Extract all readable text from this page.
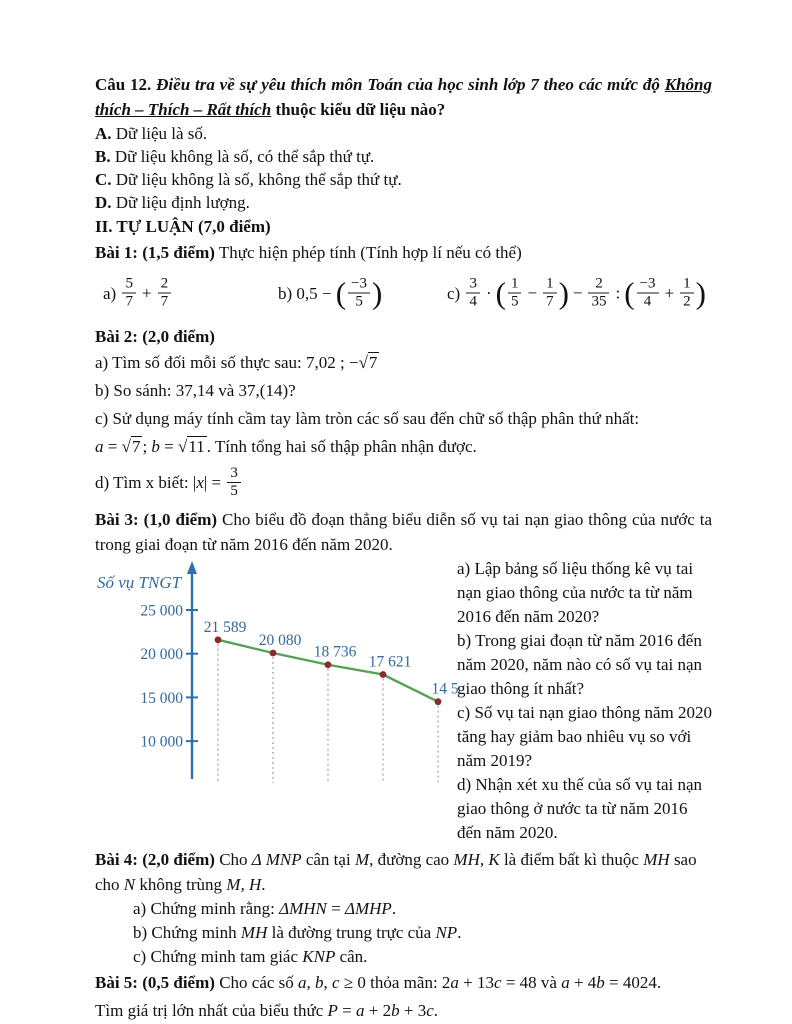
Câu 12. Điều tra về sự yêu thích môn Toán của học sinh lớp 7 theo các mức độ Không thích – Thích – Rất thích thuộc kiểu dữ liệu nào?

A. Dữ liệu là số.

B. Dữ liệu không là số, có thể sắp thứ tự.

C. Dữ liệu không là số, không thể sắp thứ tự.

D. Dữ liệu định lượng.

II. TỰ LUẬN (7,0 điểm)

Bài 1: (1,5 điểm) Thực hiện phép tính (Tính hợp lí nếu có thể)

$a) \frac{5}{7} + \frac{2}{7}$	b) 0,5 − ( $\frac{-3}{5}$ )	$c) \frac{3}{4}$ · ( $\frac{1}{5} - \frac{1}{7}$ ) − $\frac{2}{35}$ : ( $\frac{-3}{4} + \frac{1}{2}$ )

Bài 2: (2,0 điểm)

a) Tìm số đối mỗi số thực sau: 7,02 ; −√7

b) So sánh: 37,14 và 37,(14)?

c) Sử dụng máy tính cầm tay làm tròn các số sau đến chữ số thập phân thứ nhất:

a = √7 ; b = √11 . Tính tổng hai số thập phân nhận được.

d) Tìm x biết: $|x| = \frac{3}{5}$

Bài 3: (1,0 điểm) Cho biểu đồ đoạn thẳng biểu diễn số vụ tai nạn giao thông của nước ta trong giai đoạn từ năm 2016 đến năm 2020.

Số vụ TNGT
25 000
20 000
15 000
10 000
21 589
20 080
18 736
17 621
14 5

a) Lập bảng số liệu thống kê vụ tai nạn giao thông của nước ta từ năm 2016 đến năm 2020?

b) Trong giai đoạn từ năm 2016 đến năm 2020, năm nào có số vụ tai nạn giao thông ít nhất?

c) Số vụ tai nạn giao thông năm 2020 tăng hay giảm bao nhiêu vụ so với năm 2019?

d) Nhận xét xu thế của số vụ tai nạn giao thông ở nước ta từ năm 2016 đến năm 2020.

Bài 4: (2,0 điểm) Cho Δ MNP cân tại M, đường cao MH, K là điểm bất kì thuộc MH sao

cho N không trùng M, H.

a) Chứng minh rằng: ΔMHN = ΔMHP.

b) Chứng minh MH là đường trung trực của NP.

c) Chứng minh tam giác KNP cân.

Bài 5: (0,5 điểm) Cho các số a, b, c ≥ 0 thỏa mãn: 2a + 13c = 48 và a + 4b = 4024.

Tìm giá trị lớn nhất của biểu thức P = a + 2b + 3c.
